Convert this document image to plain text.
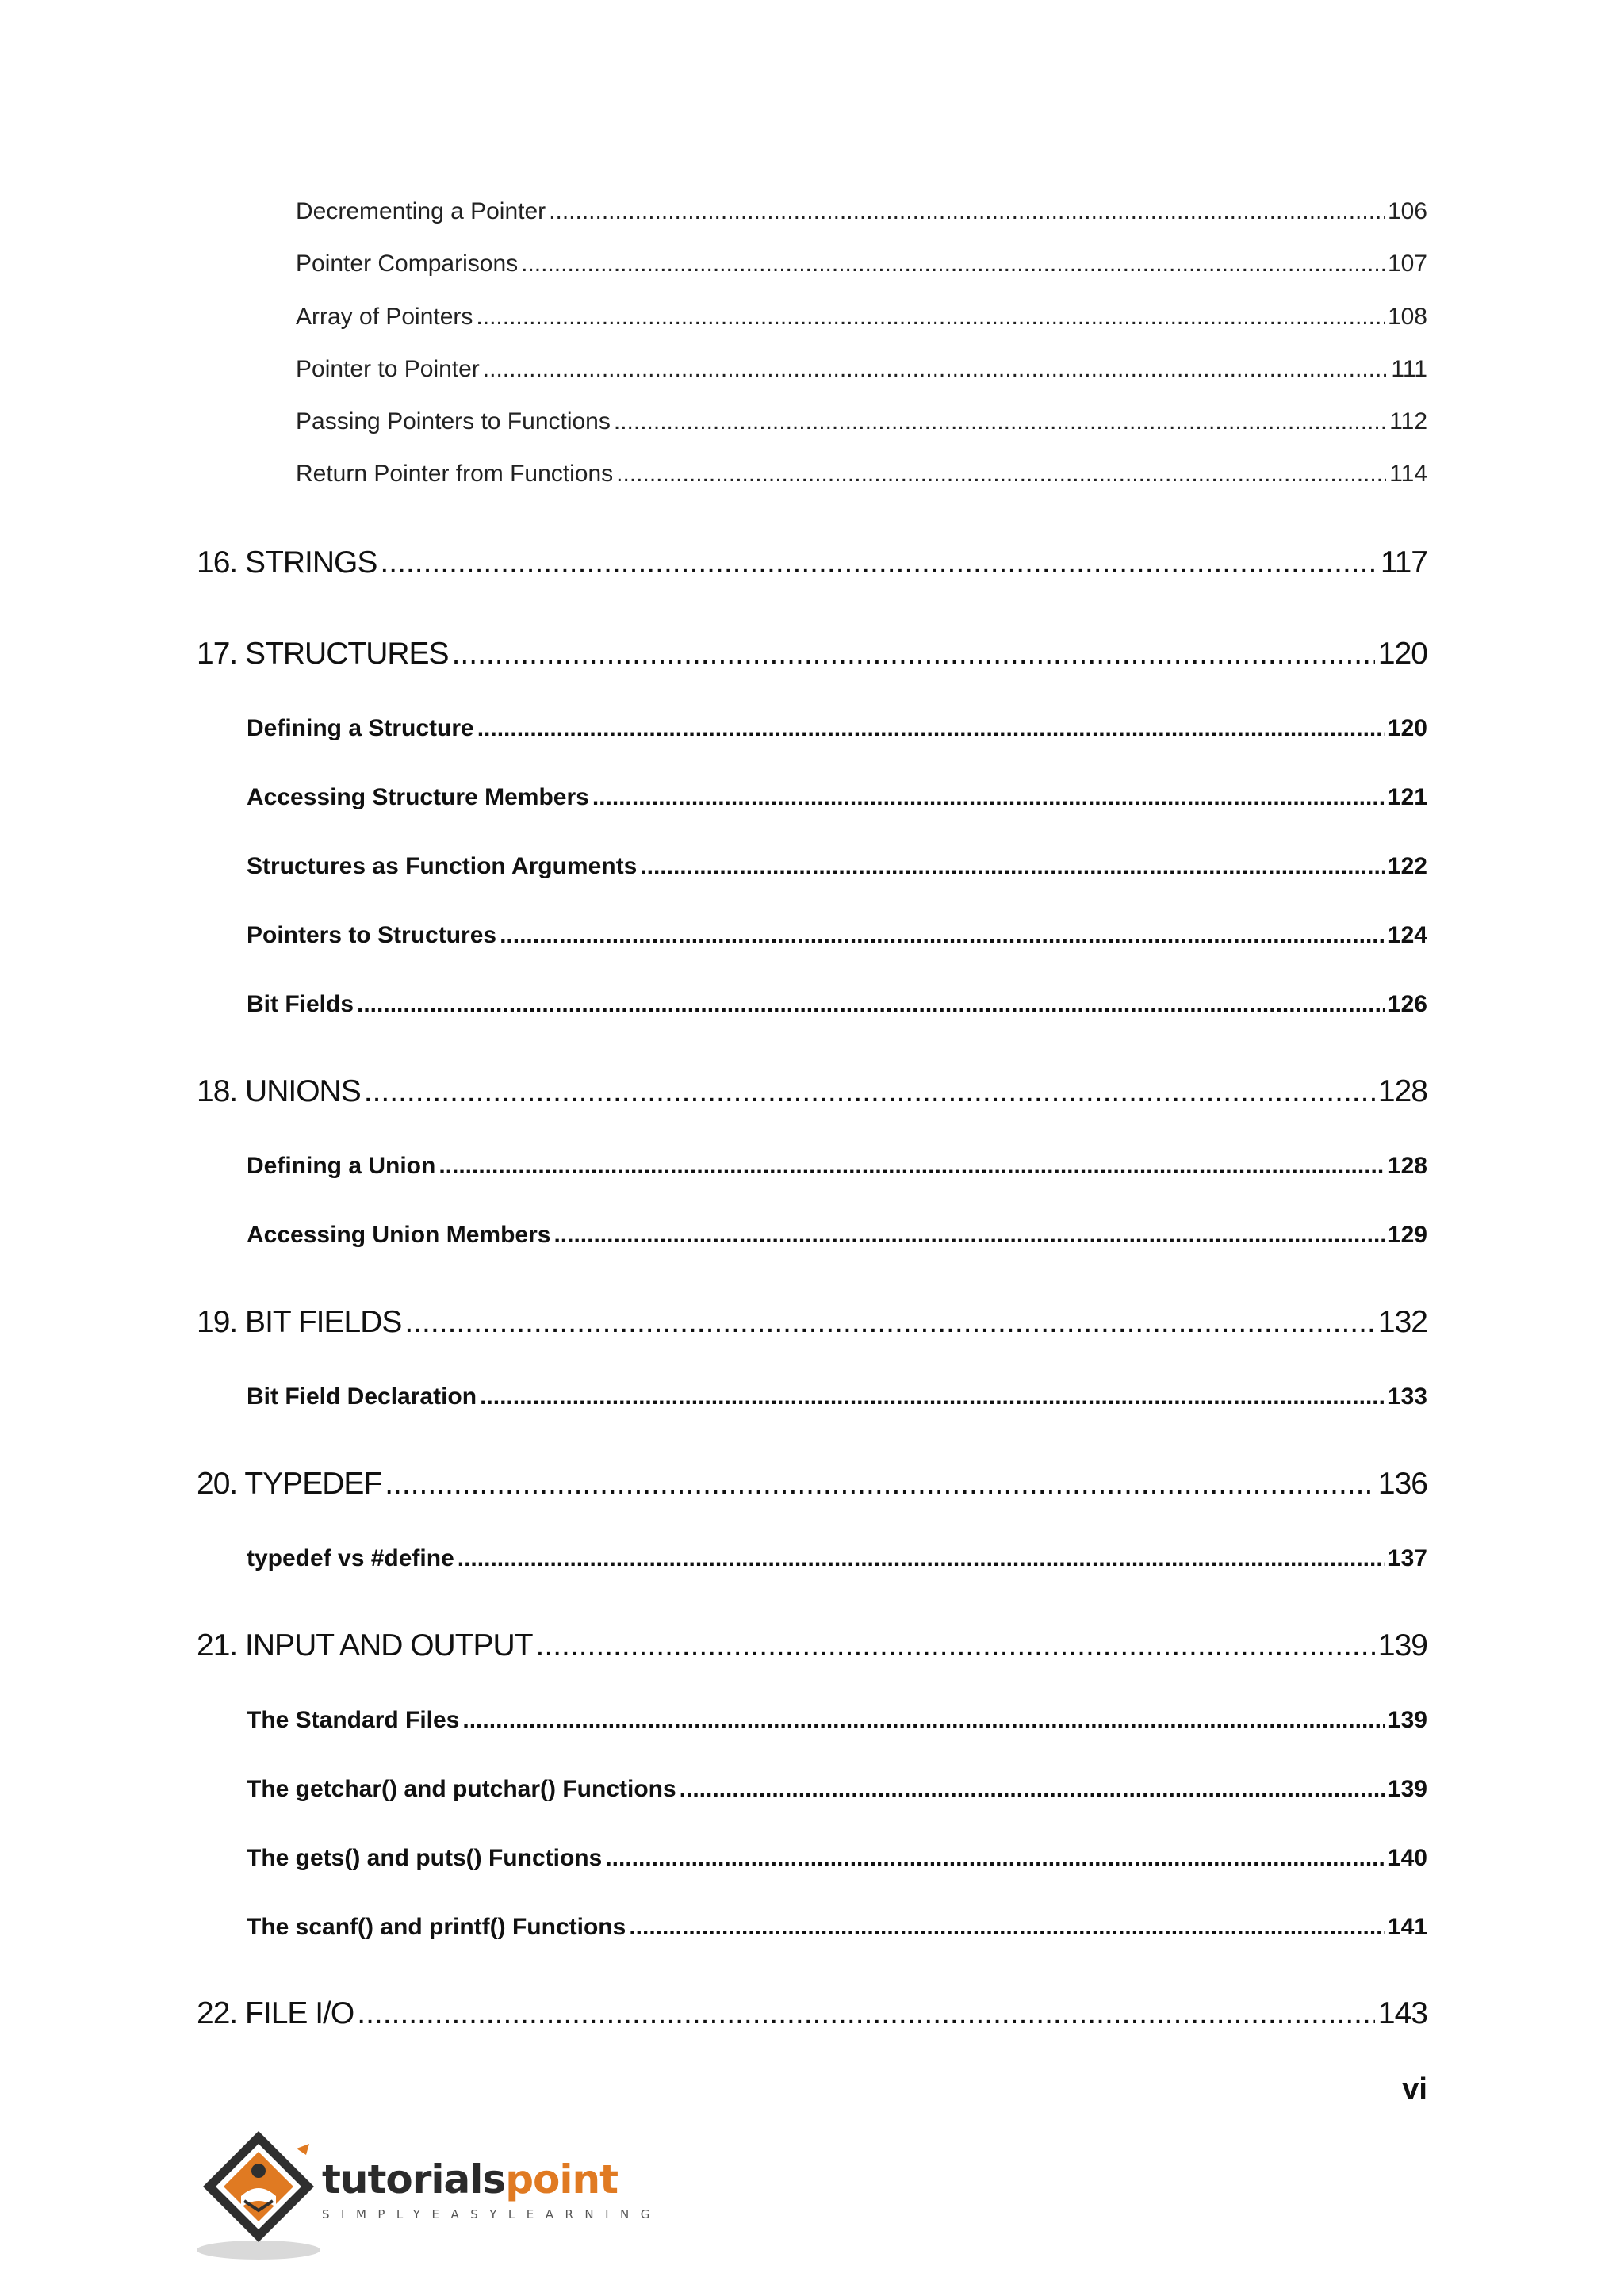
Decrementing a Pointer .....	106
Pointer Comparisons .....	107
Array of Pointers .....	108
Pointer to Pointer .....	111
Passing Pointers to Functions .....	112
Return Pointer from Functions .....	114
16. STRINGS .....	117
17. STRUCTURES .....	120
Defining a Structure .....	120
Accessing Structure Members .....	121
Structures as Function Arguments .....	122
Pointers to Structures .....	124
Bit Fields .....	126
18. UNIONS .....	128
Defining a Union .....	128
Accessing Union Members .....	129
19. BIT FIELDS .....	132
Bit Field Declaration .....	133
20. TYPEDEF .....	136
typedef vs #define .....	137
21. INPUT AND OUTPUT .....	139
The Standard Files .....	139
The getchar() and putchar() Functions .....	139
The gets() and puts() Functions .....	140
The scanf() and printf() Functions .....	141
22. FILE I/O .....	143
vi
tutorialspoint
SIMPLYEASYLEARNING
